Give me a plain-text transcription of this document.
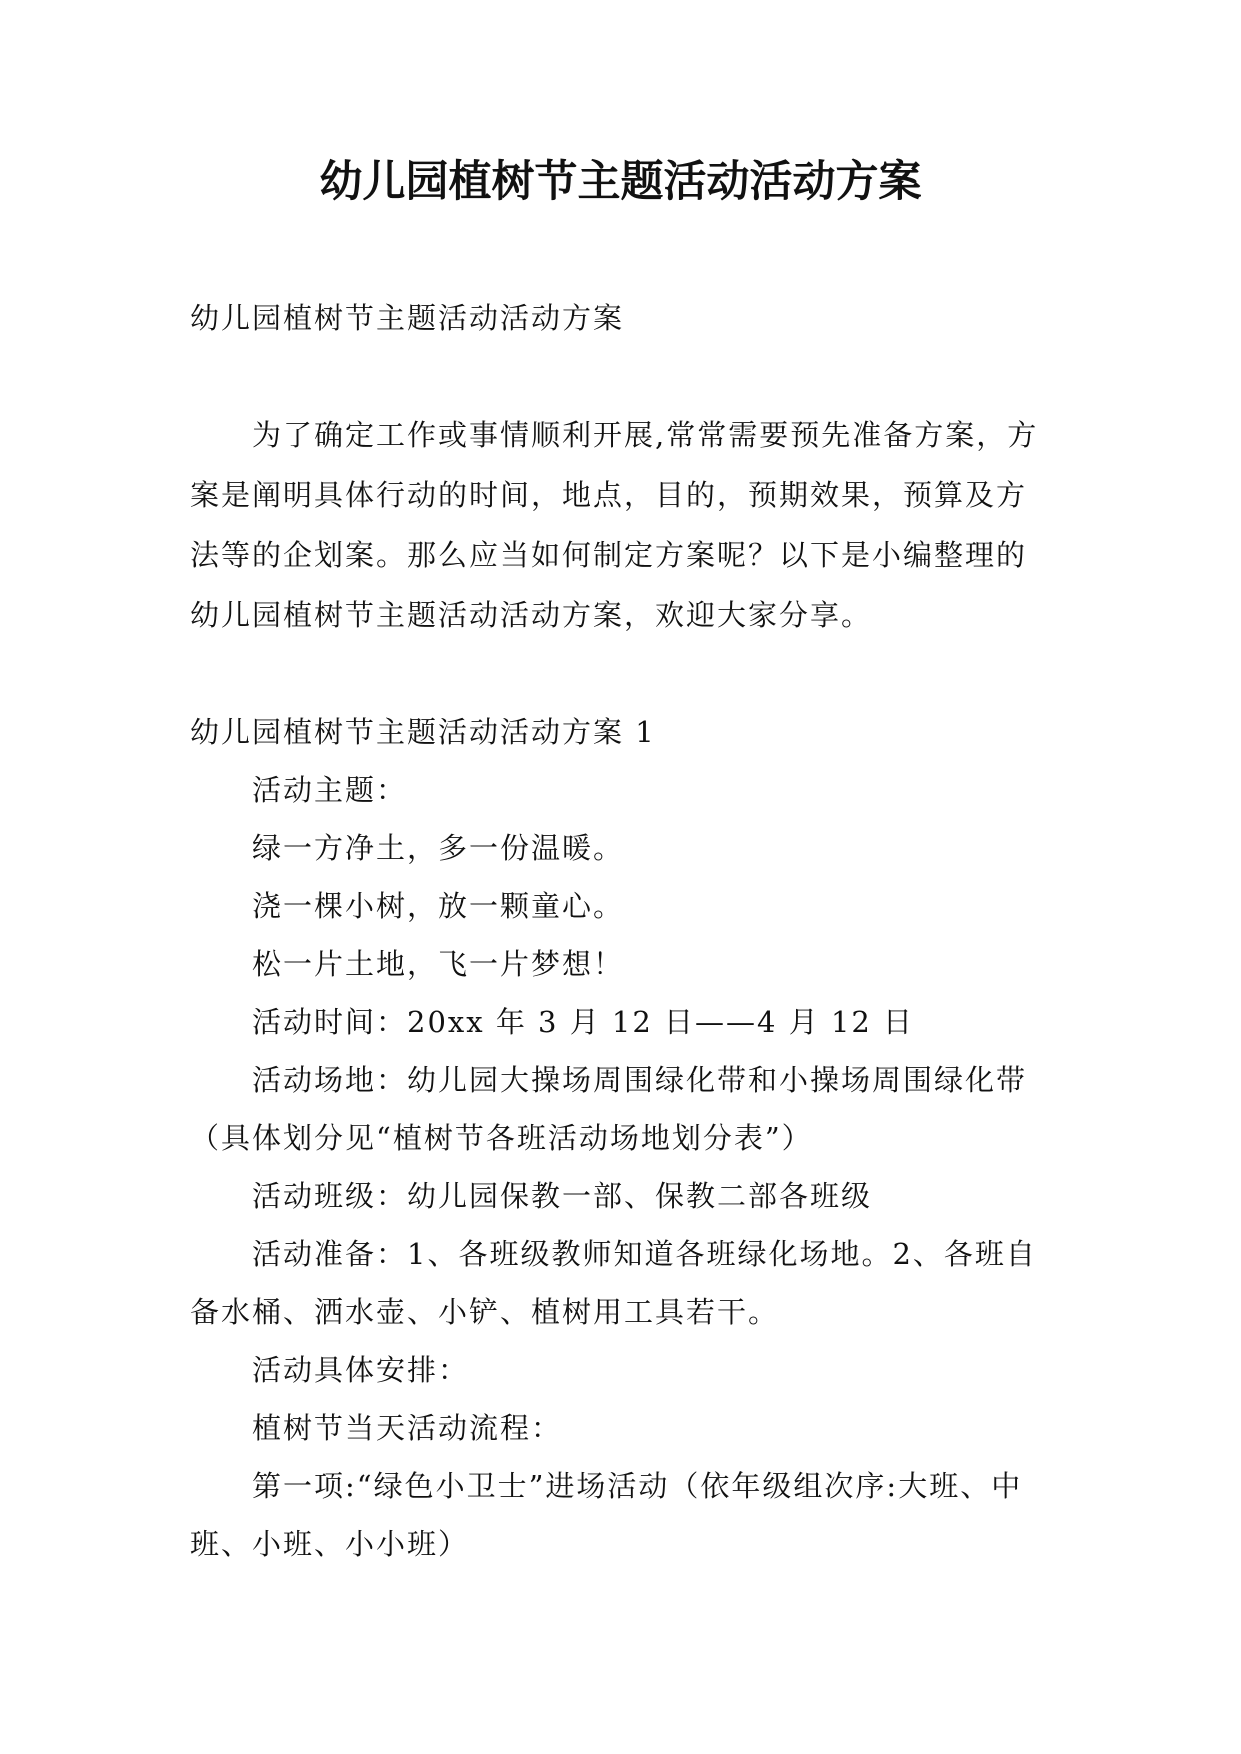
幼儿园植树节主题活动活动方案

幼儿园植树节主题活动活动方案

为了确定工作或事情顺利开展,常常需要预先准备方案，方案是阐明具体行动的时间，地点，目的，预期效果，预算及方法等的企划案。那么应当如何制定方案呢？以下是小编整理的幼儿园植树节主题活动活动方案，欢迎大家分享。

幼儿园植树节主题活动活动方案 1

活动主题：

绿一方净土，多一份温暖。

浇一棵小树，放一颗童心。

松一片土地，飞一片梦想！

活动时间：20xx 年 3 月 12 日——4 月 12 日

活动场地：幼儿园大操场周围绿化带和小操场周围绿化带（具体划分见“植树节各班活动场地划分表”）

活动班级：幼儿园保教一部、保教二部各班级

活动准备：1、各班级教师知道各班绿化场地。2、各班自备水桶、洒水壶、小铲、植树用工具若干。

活动具体安排：

植树节当天活动流程：

第一项:“绿色小卫士”进场活动（依年级组次序:大班、中班、小班、小小班）
